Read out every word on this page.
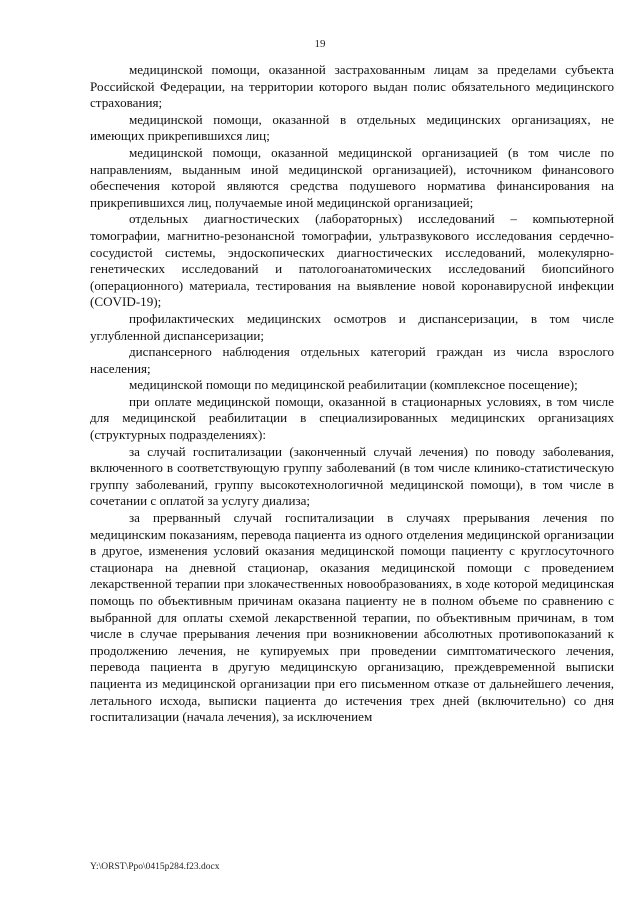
19

медицинской помощи, оказанной застрахованным лицам за пределами субъекта Российской Федерации, на территории которого выдан полис обязательного медицинского страхования;

медицинской помощи, оказанной в отдельных медицинских организациях, не имеющих прикрепившихся лиц;

медицинской помощи, оказанной медицинской организацией (в том числе по направлениям, выданным иной медицинской организацией), источником финансового обеспечения которой являются средства подушевого норматива финансирования на прикрепившихся лиц, получаемые иной медицинской организацией;

отдельных диагностических (лабораторных) исследований – компьютерной томографии, магнитно-резонансной томографии, ультразвукового исследования сердечно-сосудистой системы, эндоскопических диагностических исследований, молекулярно-генетических исследований и патологоанатомических исследований биопсийного (операционного) материала, тестирования на выявление новой коронавирусной инфекции (COVID-19);

профилактических медицинских осмотров и диспансеризации, в том числе углубленной диспансеризации;

диспансерного наблюдения отдельных категорий граждан из числа взрослого населения;

медицинской помощи по медицинской реабилитации (комплексное посещение);

при оплате медицинской помощи, оказанной в стационарных условиях, в том числе для медицинской реабилитации в специализированных медицинских организациях (структурных подразделениях):

за случай госпитализации (законченный случай лечения) по поводу заболевания, включенного в соответствующую группу заболеваний (в том числе клинико-статистическую группу заболеваний, группу высокотехнологичной медицинской помощи), в том числе в сочетании с оплатой за услугу диализа;

за прерванный случай госпитализации в случаях прерывания лечения по медицинским показаниям, перевода пациента из одного отделения медицинской организации в другое, изменения условий оказания медицинской помощи пациенту с круглосуточного стационара на дневной стационар, оказания медицинской помощи с проведением лекарственной терапии при злокачественных новообразованиях, в ходе которой медицинская помощь по объективным причинам оказана пациенту не в полном объеме по сравнению с выбранной для оплаты схемой лекарственной терапии, по объективным причинам, в том числе в случае прерывания лечения при возникновении абсолютных противопоказаний к продолжению лечения, не купируемых при проведении симптоматического лечения, перевода пациента в другую медицинскую организацию, преждевременной выписки пациента из медицинской организации при его письменном отказе от дальнейшего лечения, летального исхода, выписки пациента до истечения трех дней (включительно) со дня госпитализации (начала лечения), за исключением

Y:\ORST\Ppo\0415p284.f23.docx
